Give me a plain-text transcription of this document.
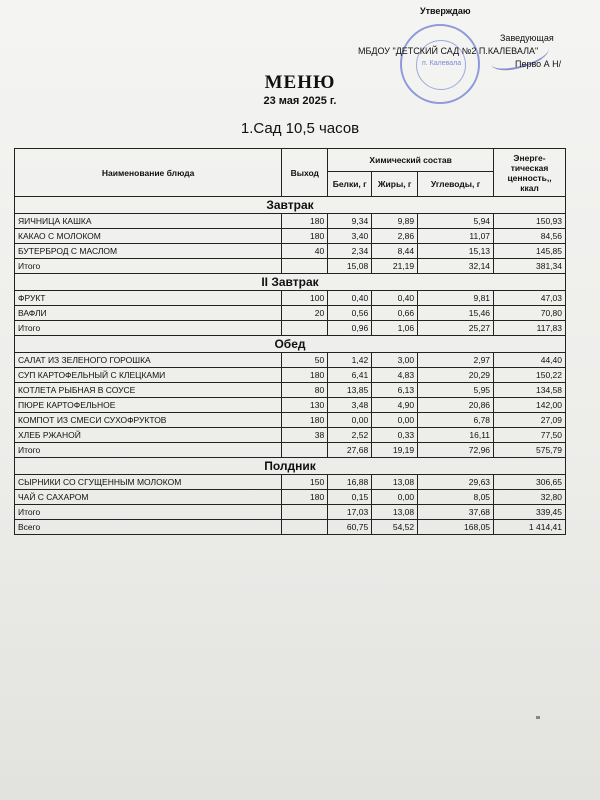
п. Калевала
Утверждаю
Заведующая
МБДОУ "ДЕТСКИЙ САД №2 П.КАЛЕВАЛА"
Перво А Н/
МЕНЮ
23 мая 2025 г.
1.Сад 10,5 часов
Наименование блюда	Выход	Химический состав			Энерге-тическая ценность,, ккал
		Белки, г	Жиры, г	Углеводы, г	
Завтрак					
ЯИЧНИЦА КАШКА	180	9,34	9,89	5,94	150,93
КАКАО С МОЛОКОМ	180	3,40	2,86	11,07	84,56
БУТЕРБРОД С МАСЛОМ	40	2,34	8,44	15,13	145,85
Итого		15,08	21,19	32,14	381,34
II Завтрак					
ФРУКТ	100	0,40	0,40	9,81	47,03
ВАФЛИ	20	0,56	0,66	15,46	70,80
Итого		0,96	1,06	25,27	117,83
Обед					
САЛАТ ИЗ ЗЕЛЕНОГО ГОРОШКА	50	1,42	3,00	2,97	44,40
СУП КАРТОФЕЛЬНЫЙ С КЛЕЦКАМИ	180	6,41	4,83	20,29	150,22
КОТЛЕТА РЫБНАЯ В СОУСЕ	80	13,85	6,13	5,95	134,58
ПЮРЕ КАРТОФЕЛЬНОЕ	130	3,48	4,90	20,86	142,00
КОМПОТ ИЗ СМЕСИ СУХОФРУКТОВ	180	0,00	0,00	6,78	27,09
ХЛЕБ РЖАНОЙ	38	2,52	0,33	16,11	77,50
Итого		27,68	19,19	72,96	575,79
Полдник					
СЫРНИКИ СО СГУЩЕННЫМ МОЛОКОМ	150	16,88	13,08	29,63	306,65
ЧАЙ С САХАРОМ	180	0,15	0,00	8,05	32,80
Итого		17,03	13,08	37,68	339,45
Всего		60,75	54,52	168,05	1 414,41
